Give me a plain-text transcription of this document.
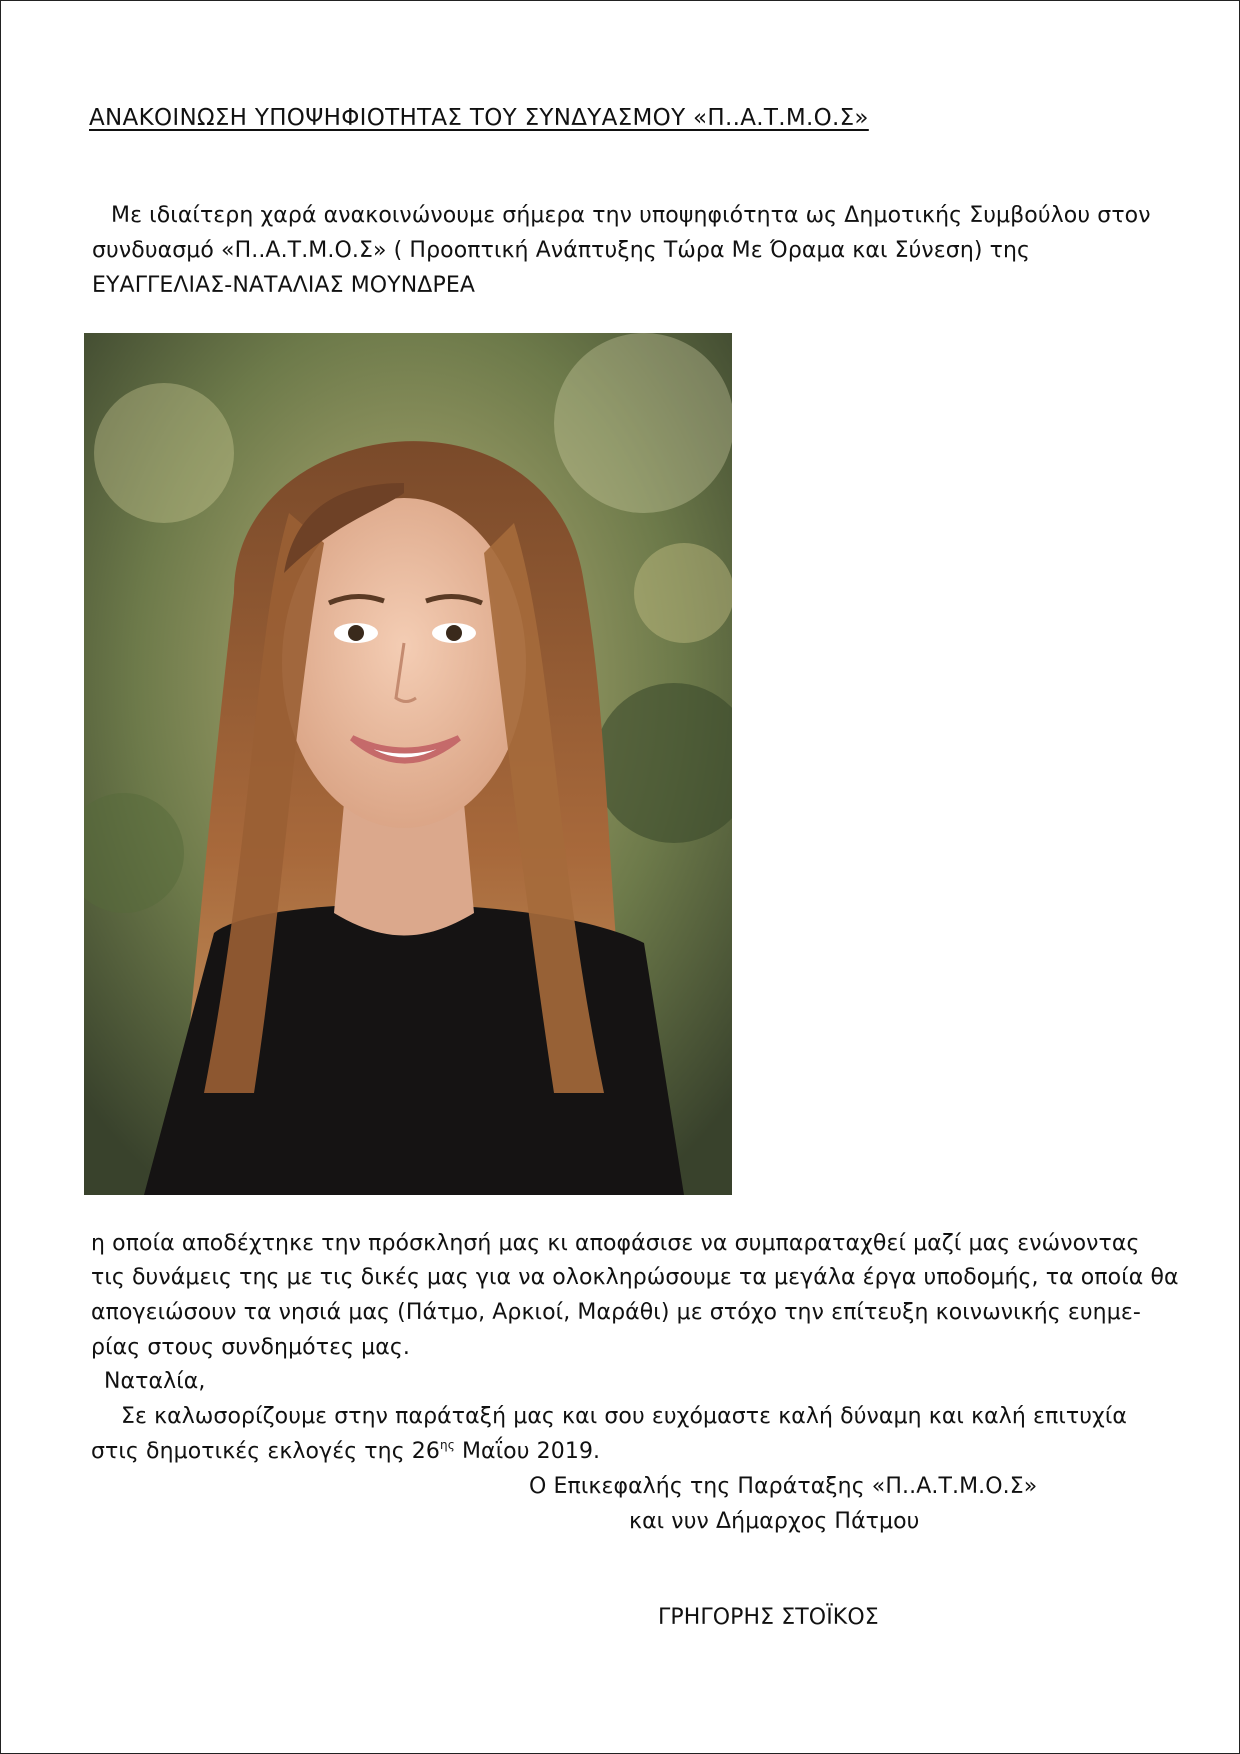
ΑΝΑΚΟΙΝΩΣΗ ΥΠΟΨΗΦΙΟΤΗΤΑΣ ΤΟΥ ΣΥΝΔΥΑΣΜΟΥ «Π..Α.Τ.Μ.Ο.Σ»
Με ιδιαίτερη χαρά ανακοινώνουμε σήμερα την υποψηφιότητα ως Δημοτικής Συμβούλου στον
συνδυασμό «Π..Α.Τ.Μ.Ο.Σ» ( Προοπτική Ανάπτυξης Τώρα Με Όραμα και Σύνεση) της
ΕΥΑΓΓΕΛΙΑΣ-ΝΑΤΑΛΙΑΣ ΜΟΥΝΔΡΕΑ
η οποία αποδέχτηκε την πρόσκλησή μας κι αποφάσισε να συμπαραταχθεί μαζί μας ενώνοντας
τις δυνάμεις της με τις δικές μας για να ολοκληρώσουμε τα μεγάλα έργα υποδομής, τα οποία θα
απογειώσουν τα νησιά μας (Πάτμο, Αρκιοί, Μαράθι) με στόχο την επίτευξη κοινωνικής ευημε-
ρίας στους συνδημότες μας.
Ναταλία,
Σε καλωσορίζουμε στην παράταξή μας και σου ευχόμαστε καλή δύναμη και καλή επιτυχία
στις δημοτικές εκλογές της $26^{\eta\varsigma}$ Μαΐου 2019.
Ο Επικεφαλής της Παράταξης «Π..Α.Τ.Μ.Ο.Σ»
και νυν Δήμαρχος Πάτμου
ΓΡΗΓΟΡΗΣ ΣΤΟΪΚΟΣ
